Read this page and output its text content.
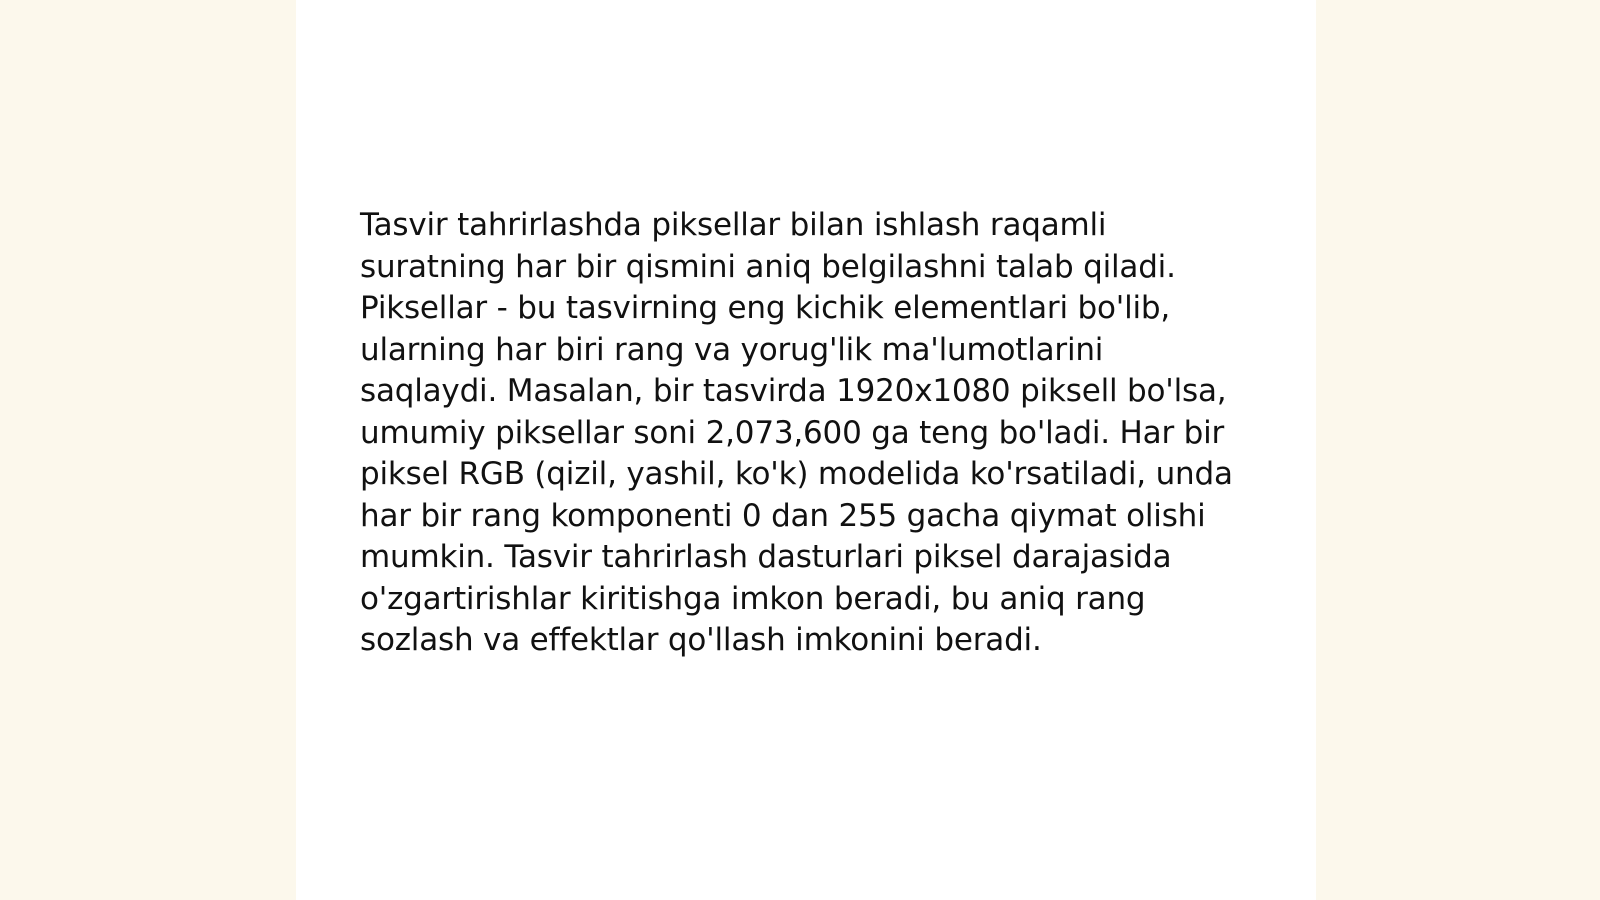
Tasvir tahrirlashda piksellar bilan ishlash raqamli suratning har bir qismini aniq belgilashni talab qiladi. Piksellar - bu tasvirning eng kichik elementlari bo'lib, ularning har biri rang va yorug'lik ma'lumotlarini saqlaydi. Masalan, bir tasvirda 1920x1080 piksell bo'lsa, umumiy piksellar soni 2,073,600 ga teng bo'ladi. Har bir piksel RGB (qizil, yashil, ko'k) modelida ko'rsatiladi, unda har bir rang komponenti 0 dan 255 gacha qiymat olishi mumkin. Tasvir tahrirlash dasturlari piksel darajasida o'zgartirishlar kiritishga imkon beradi, bu aniq rang sozlash va effektlar qo'llash imkonini beradi.
